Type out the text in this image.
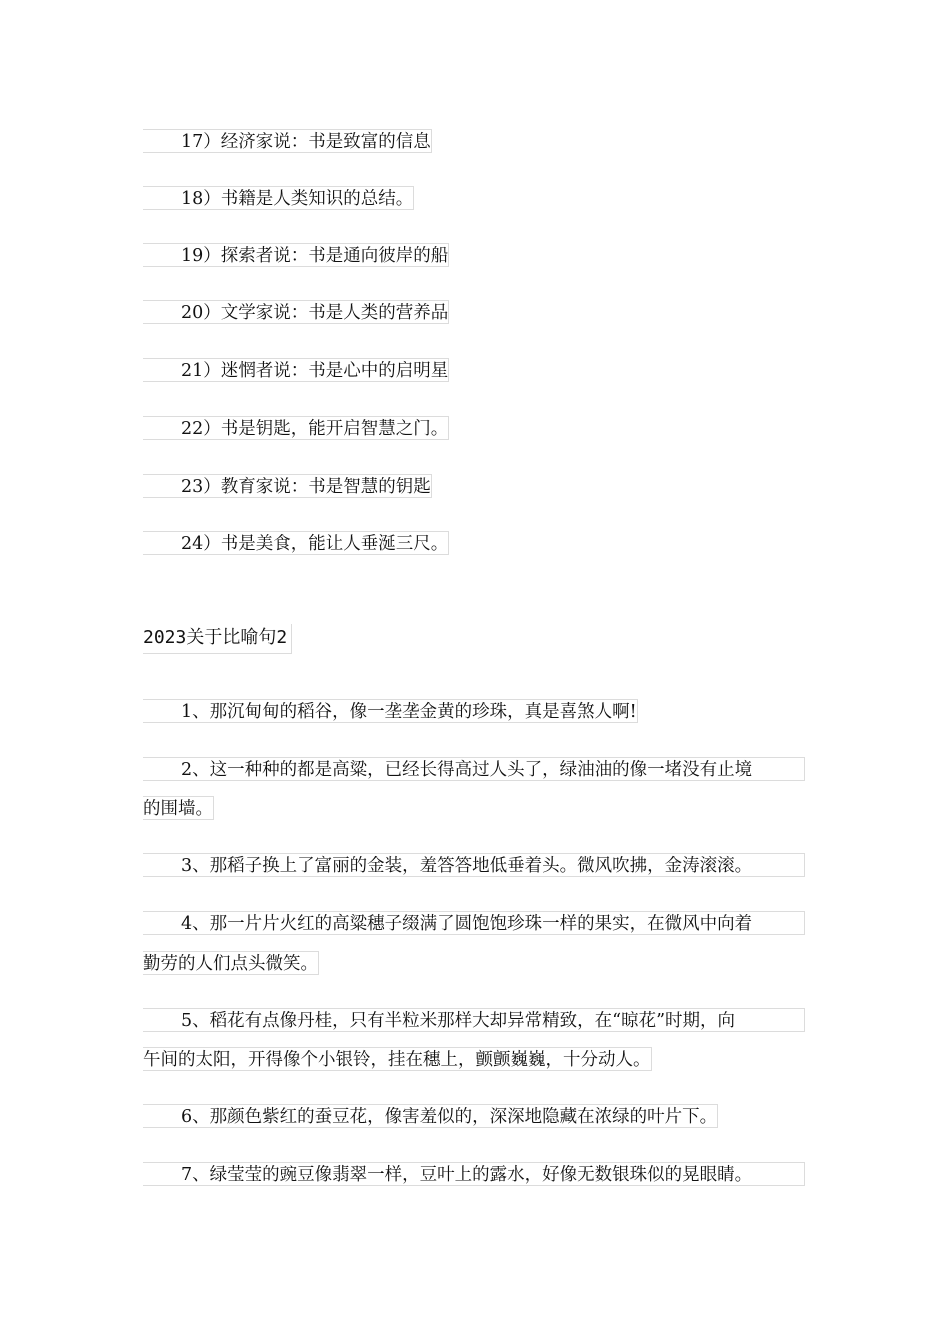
17）经济家说：书是致富的信息
18）书籍是人类知识的总结。
19）探索者说：书是通向彼岸的船
20）文学家说：书是人类的营养品
21）迷惘者说：书是心中的启明星
22）书是钥匙，能开启智慧之门。
23）教育家说：书是智慧的钥匙
24）书是美食，能让人垂涎三尺。
2023关于比喻句2
1、那沉甸甸的稻谷，像一垄垄金黄的珍珠，真是喜煞人啊!
2、这一种种的都是高粱，已经长得高过人头了，绿油油的像一堵没有止境
的围墙。
3、那稻子换上了富丽的金装，羞答答地低垂着头。微风吹拂，金涛滚滚。
4、那一片片火红的高粱穗子缀满了圆饱饱珍珠一样的果实，在微风中向着
勤劳的人们点头微笑。
5、稻花有点像丹桂，只有半粒米那样大却异常精致，在“晾花”时期，向
午间的太阳，开得像个小银铃，挂在穗上，颤颤巍巍，十分动人。
6、那颜色紫红的蚕豆花，像害羞似的，深深地隐藏在浓绿的叶片下。
7、绿莹莹的豌豆像翡翠一样，豆叶上的露水，好像无数银珠似的晃眼睛。
